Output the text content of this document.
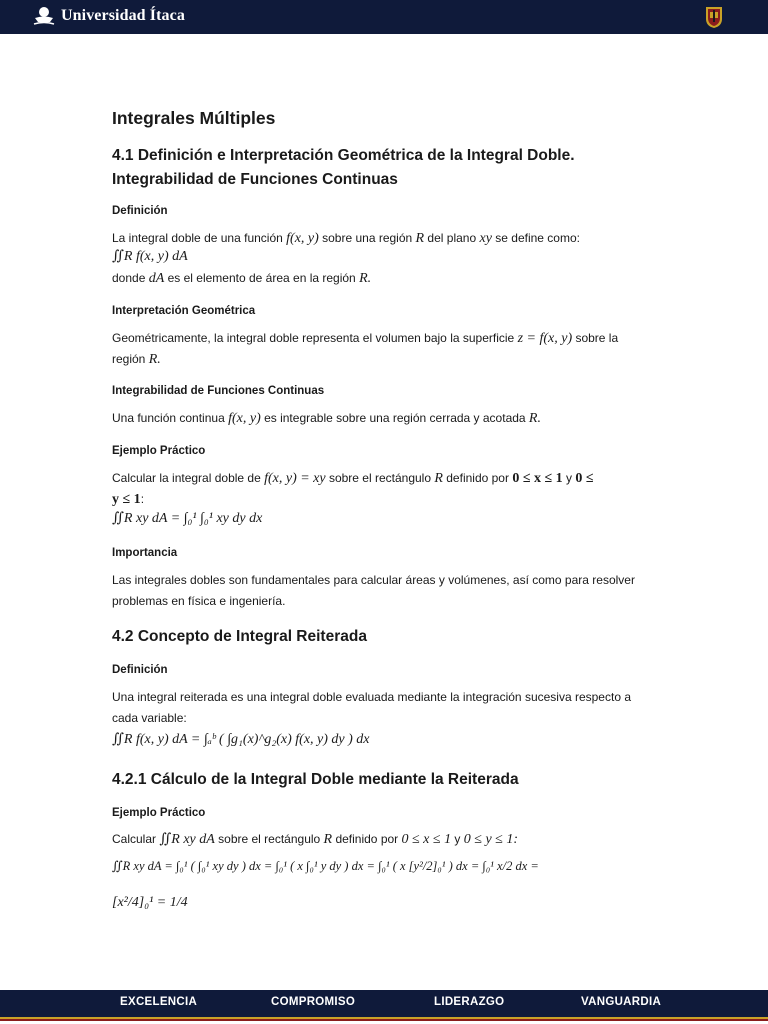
Universidad Ítaca
Integrales Múltiples
4.1 Definición e Interpretación Geométrica de la Integral Doble.
Integrabilidad de Funciones Continuas
Definición
La integral doble de una función f(x, y) sobre una región R del plano xy se define como:
∬R f(x, y) dA
donde dA es el elemento de área en la región R.
Interpretación Geométrica
Geométricamente, la integral doble representa el volumen bajo la superficie z = f(x, y) sobre la
región R.
Integrabilidad de Funciones Continuas
Una función continua f(x, y) es integrable sobre una región cerrada y acotada R.
Ejemplo Práctico
Calcular la integral doble de f(x, y) = xy sobre el rectángulo R definido por 0 ≤ x ≤ 1 y 0 ≤
y ≤ 1:
∬R xy dA = ∫₀¹ ∫₀¹ xy dy dx
Importancia
Las integrales dobles son fundamentales para calcular áreas y volúmenes, así como para resolver
problemas en física e ingeniería.
4.2 Concepto de Integral Reiterada
Definición
Una integral reiterada es una integral doble evaluada mediante la integración sucesiva respecto a
cada variable:
∬R f(x, y) dA = ∫ₐᵇ ( ∫g₁(x)^g₂(x) f(x, y) dy ) dx
4.2.1 Cálculo de la Integral Doble mediante la Reiterada
Ejemplo Práctico
Calcular ∬R xy dA sobre el rectángulo R definido por 0 ≤ x ≤ 1 y 0 ≤ y ≤ 1:
∬R xy dA = ∫₀¹ ( ∫₀¹ xy dy ) dx = ∫₀¹ ( x ∫₀¹ y dy ) dx = ∫₀¹ ( x [y²/2]₀¹ ) dx = ∫₀¹ x/2 dx =
[x²/4]₀¹ = 1/4
EXCELENCIA	COMPROMISO	LIDERAZGO	VANGUARDIA
